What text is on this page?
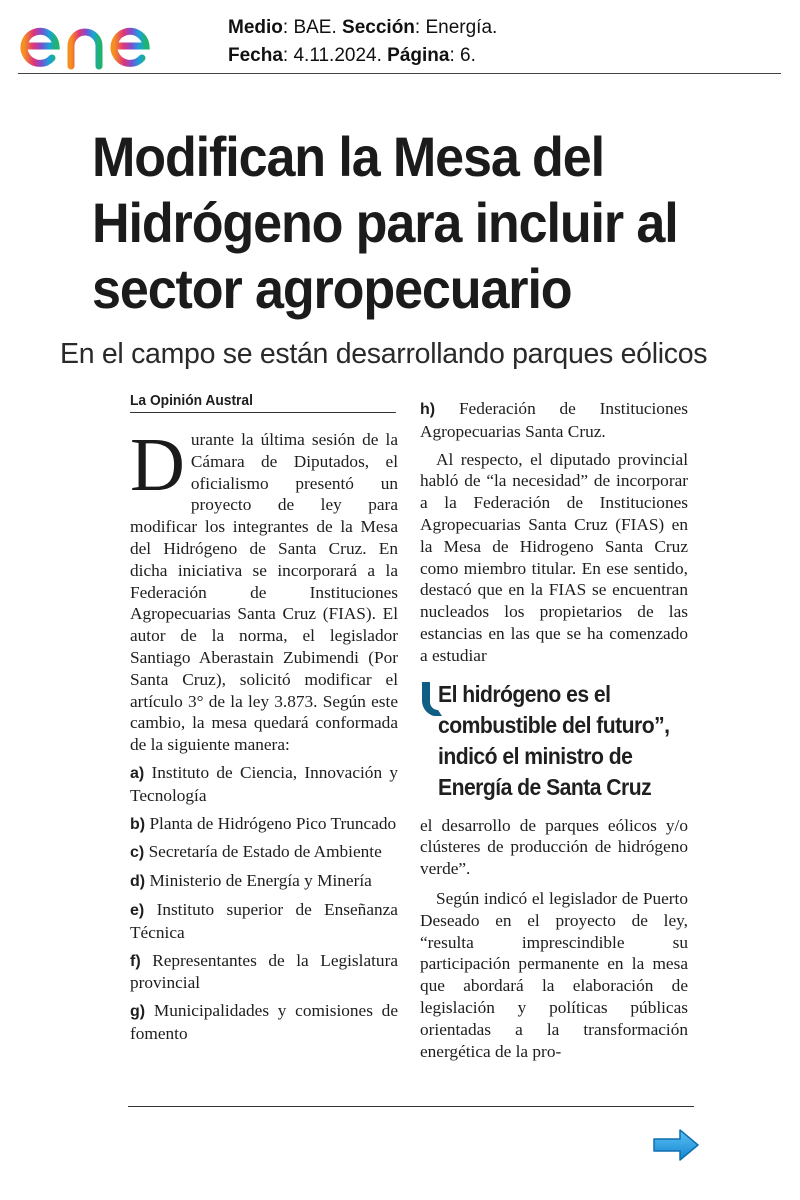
Medio: BAE. Sección: Energía.
Fecha: 4.11.2024. Página: 6.
Modifican la Mesa del Hidrógeno para incluir al sector agropecuario
En el campo se están desarrollando parques eólicos
La Opinión Austral

Durante la última sesión de la Cámara de Diputados, el oficialismo presentó un proyecto de ley para modificar los integrantes de la Mesa del Hidrógeno de Santa Cruz. En dicha iniciativa se incorporará a la Federación de Instituciones Agropecuarias Santa Cruz (FIAS). El autor de la norma, el legislador Santiago Aberastain Zubimendi (Por Santa Cruz), solicitó modificar el artículo 3° de la ley 3.873. Según este cambio, la mesa quedará conformada de la siguiente manera:

a) Instituto de Ciencia, Innovación y Tecnología

b) Planta de Hidrógeno Pico Truncado

c) Secretaría de Estado de Ambiente

d) Ministerio de Energía y Minería

e) Instituto superior de Enseñanza Técnica

f) Representantes de la Legislatura provincial

g) Municipalidades y comisiones de fomento

h) Federación de Instituciones Agropecuarias Santa Cruz.

Al respecto, el diputado provincial habló de “la necesidad” de incorporar a la Federación de Instituciones Agropecuarias Santa Cruz (FIAS) en la Mesa de Hidrogeno Santa Cruz como miembro titular. En ese sentido, destacó que en la FIAS se encuentran nucleados los propietarios de las estancias en las que se ha comenzado a estudiar

El hidrógeno es el combustible del futuro”, indicó el ministro de Energía de Santa Cruz

el desarrollo de parques eólicos y/o clústeres de producción de hidrógeno verde”.

Según indicó el legislador de Puerto Deseado en el proyecto de ley, “resulta imprescindible su participación permanente en la mesa que abordará la elaboración de legislación y políticas públicas orientadas a la transformación energética de la pro-
